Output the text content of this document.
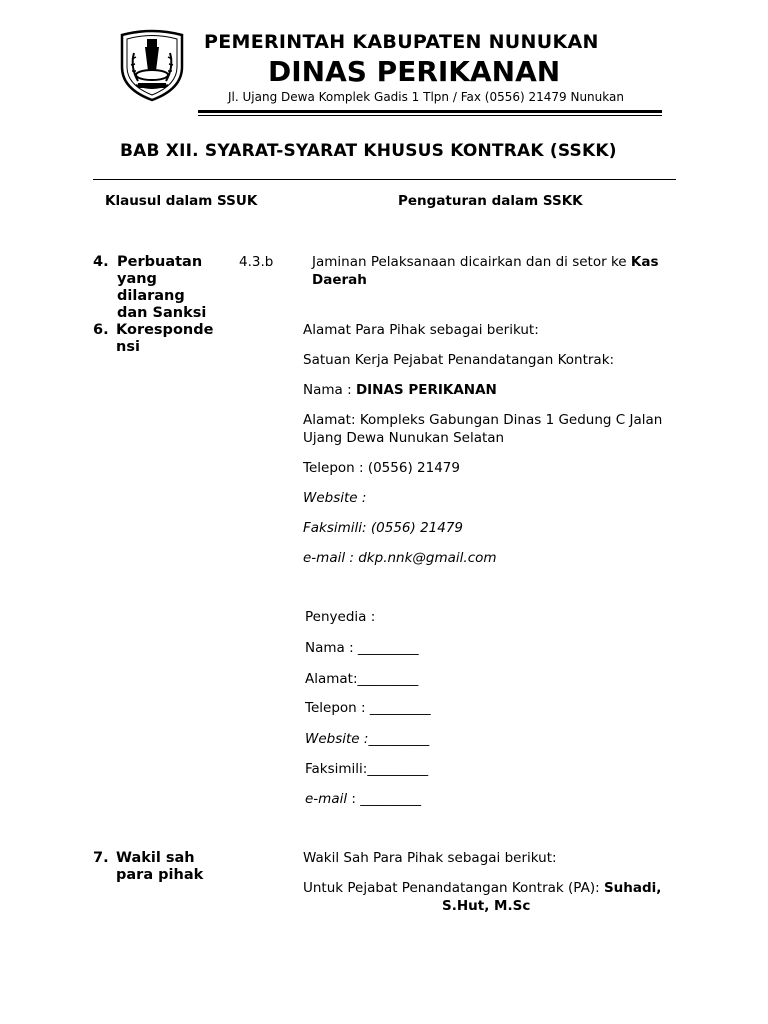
PEMERINTAH KABUPATEN NUNUKAN
DINAS PERIKANAN
Jl. Ujang Dewa Komplek Gadis 1 Tlpn / Fax (0556) 21479 Nunukan
BAB XII. SYARAT-SYARAT KHUSUS KONTRAK (SSKK)
Klausul dalam SSUK	Pengaturan dalam SSKK
4. Perbuatan
yang
dilarang
dan Sanksi
4.3.b	Jaminan Pelaksanaan dicairkan dan di setor ke Kas
Daerah
6. Koresponde
nsi
Alamat Para Pihak sebagai berikut:
Satuan Kerja Pejabat Penandatangan Kontrak:
Nama : DINAS PERIKANAN
Alamat: Kompleks Gabungan Dinas 1 Gedung C Jalan
Ujang Dewa Nunukan Selatan
Telepon : (0556) 21479
Website :
Faksimili: (0556) 21479
e-mail : dkp.nnk@gmail.com
Penyedia :
Nama : _________
Alamat:_________
Telepon : _________
Website :_________
Faksimili:_________
e-mail : _________
7. Wakil sah
para pihak
Wakil Sah Para Pihak sebagai berikut:
Untuk Pejabat Penandatangan Kontrak (PA): Suhadi,
S.Hut, M.Sc
